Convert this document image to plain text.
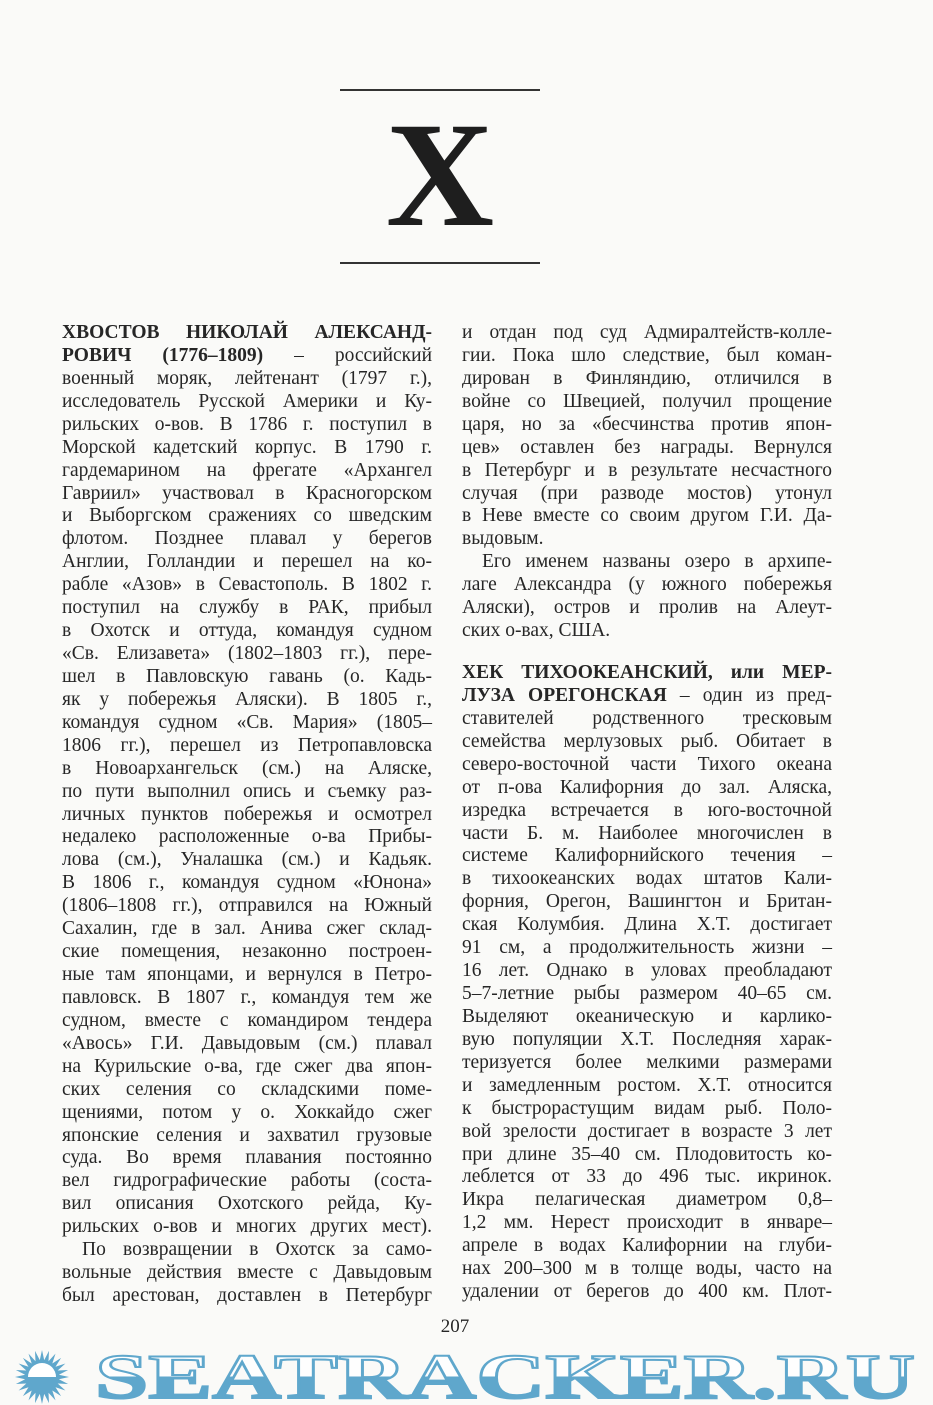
X
ХВОСТОВ НИКОЛАЙ АЛЕКСАНД-
РОВИЧ (1776–1809) – российский
военный моряк, лейтенант (1797 г.),
исследователь Русской Америки и Ку-
рильских о-вов. В 1786 г. поступил в
Морской кадетский корпус. В 1790 г.
гардемарином на фрегате «Архангел
Гавриил» участвовал в Красногорском
и Выборгском сражениях со шведским
флотом. Позднее плавал у берегов
Англии, Голландии и перешел на ко-
рабле «Азов» в Севастополь. В 1802 г.
поступил на службу в РАК, прибыл
в Охотск и оттуда, командуя судном
«Св. Елизавета» (1802–1803 гг.), пере-
шел в Павловскую гавань (о. Кадь-
як у побережья Аляски). В 1805 г.,
командуя судном «Св. Мария» (1805–
1806 гг.), перешел из Петропавловска
в Новоархангельск (см.) на Аляске,
по пути выполнил опись и съемку раз-
личных пунктов побережья и осмотрел
недалеко расположенные о-ва Прибы-
лова (см.), Уналашка (см.) и Кадьяк.
В 1806 г., командуя судном «Юнона»
(1806–1808 гг.), отправился на Южный
Сахалин, где в зал. Анива сжег склад-
ские помещения, незаконно построен-
ные там японцами, и вернулся в Петро-
павловск. В 1807 г., командуя тем же
судном, вместе с командиром тендера
«Авось» Г.И. Давыдовым (см.) плавал
на Курильские о-ва, где сжег два япон-
ских селения со складскими поме-
щениями, потом у о. Хоккайдо сжег
японские селения и захватил грузовые
суда. Во время плавания постоянно
вел гидрографические работы (соста-
вил описания Охотского рейда, Ку-
рильских о-вов и многих других мест).
По возвращении в Охотск за само-
вольные действия вместе с Давыдовым
был арестован, доставлен в Петербург
и отдан под суд Адмиралтейств-колле-
гии. Пока шло следствие, был коман-
дирован в Финляндию, отличился в
войне со Швецией, получил прощение
царя, но за «бесчинства против япон-
цев» оставлен без награды. Вернулся
в Петербург и в результате несчастного
случая (при разводе мостов) утонул
в Неве вместе со своим другом Г.И. Да-
выдовым.
Его именем названы озеро в архипе-
лаге Александра (у южного побережья
Аляски), остров и пролив на Алеут-
ских о-вах, США.
ХЕК ТИХООКЕАНСКИЙ, или МЕР-
ЛУЗА ОРЕГОНСКАЯ – один из пред-
ставителей родственного тресковым
семейства мерлузовых рыб. Обитает в
северо-восточной части Тихого океана
от п-ова Калифорния до зал. Аляска,
изредка встречается в юго-восточной
части Б. м. Наиболее многочислен в
системе Калифорнийского течения –
в тихоокеанских водах штатов Кали-
форния, Орегон, Вашингтон и Британ-
ская Колумбия. Длина Х.Т. достигает
91 см, а продолжительность жизни –
16 лет. Однако в уловах преобладают
5–7-летние рыбы размером 40–65 см.
Выделяют океаническую и карлико-
вую популяции Х.Т. Последняя харак-
теризуется более мелкими размерами
и замедленным ростом. Х.Т. относится
к быстрорастущим видам рыб. Поло-
вой зрелости достигает в возрасте 3 лет
при длине 35–40 см. Плодовитость ко-
леблется от 33 до 496 тыс. икринок.
Икра пелагическая диаметром 0,8–
1,2 мм. Нерест происходит в январе–
апреле в водах Калифорнии на глуби-
нах 200–300 м в толще воды, часто на
удалении от берегов до 400 км. Плот-
207
SEATRACKER.RU
